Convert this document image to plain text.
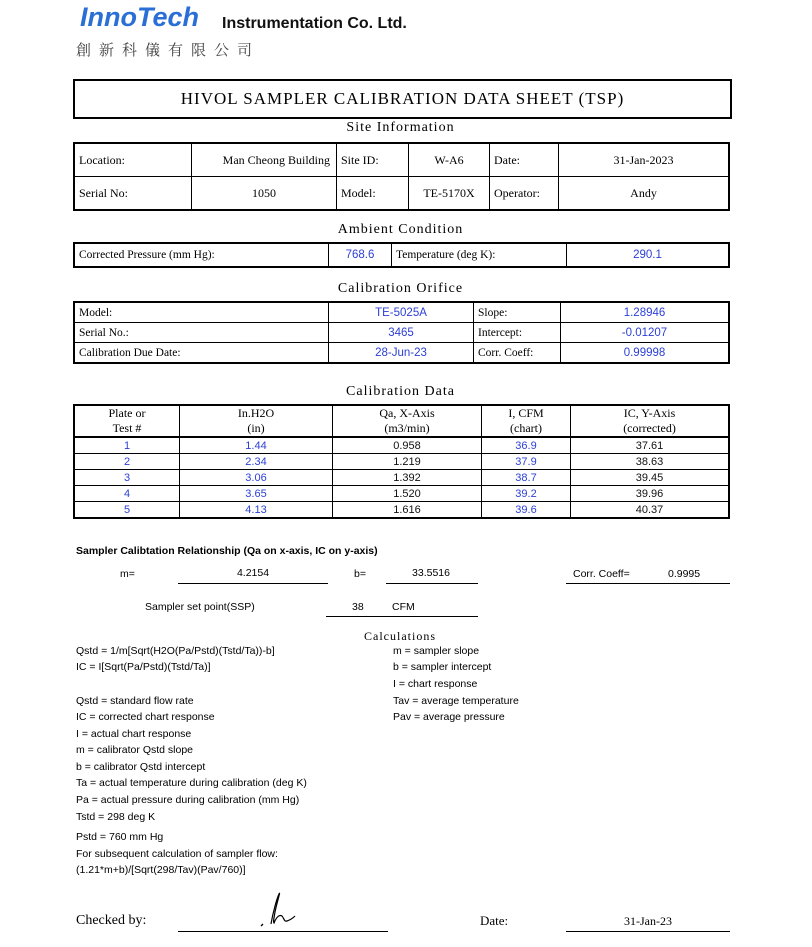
InnoTech Instrumentation Co. Ltd.
創新科儀有限公司
HIVOL SAMPLER CALIBRATION DATA SHEET (TSP)
Site Information
Location:	Man Cheong Building	Site ID:	W-A6	Date:	31-Jan-2023
Serial No:	1050	Model:	TE-5170X	Operator:	Andy
Ambient Condition
Corrected Pressure (mm Hg):	768.6	Temperature (deg K):	290.1
Calibration Orifice
Model:	TE-5025A	Slope:	1.28946
Serial No.:	3465	Intercept:	-0.01207
Calibration Due Date:	28-Jun-23	Corr. Coeff:	0.99998
Calibration Data
Plate or	In.H2O	Qa, X-Axis	I, CFM	IC, Y-Axis
Test #	(in)	(m3/min)	(chart)	(corrected)
1	1.44	0.958	36.9	37.61
2	2.34	1.219	37.9	38.63
3	3.06	1.392	38.7	39.45
4	3.65	1.520	39.2	39.96
5	4.13	1.616	39.6	40.37
Sampler Calibtation Relationship (Qa on x-axis, IC on y-axis)
m=	4.2154	b=	33.5516	Corr. Coeff=	0.9995
Sampler set point(SSP)	38	CFM
Calculations
Qstd = 1/m[Sqrt(H2O(Pa/Pstd)(Tstd/Ta))-b]
IC = I[Sqrt(Pa/Pstd)(Tstd/Ta)]
Qstd = standard flow rate
IC = corrected chart response
I = actual chart response
m = calibrator Qstd slope
b = calibrator Qstd intercept
Ta = actual temperature during calibration (deg K)
Pa = actual pressure during calibration (mm Hg)
Tstd = 298 deg K
Pstd = 760 mm Hg
For subsequent calculation of sampler flow:
(1.21*m+b)/[Sqrt(298/Tav)(Pav/760)]
m = sampler slope
b = sampler intercept
I = chart response
Tav = average temperature
Pav = average pressure
Checked by:	Date:	31-Jan-23
